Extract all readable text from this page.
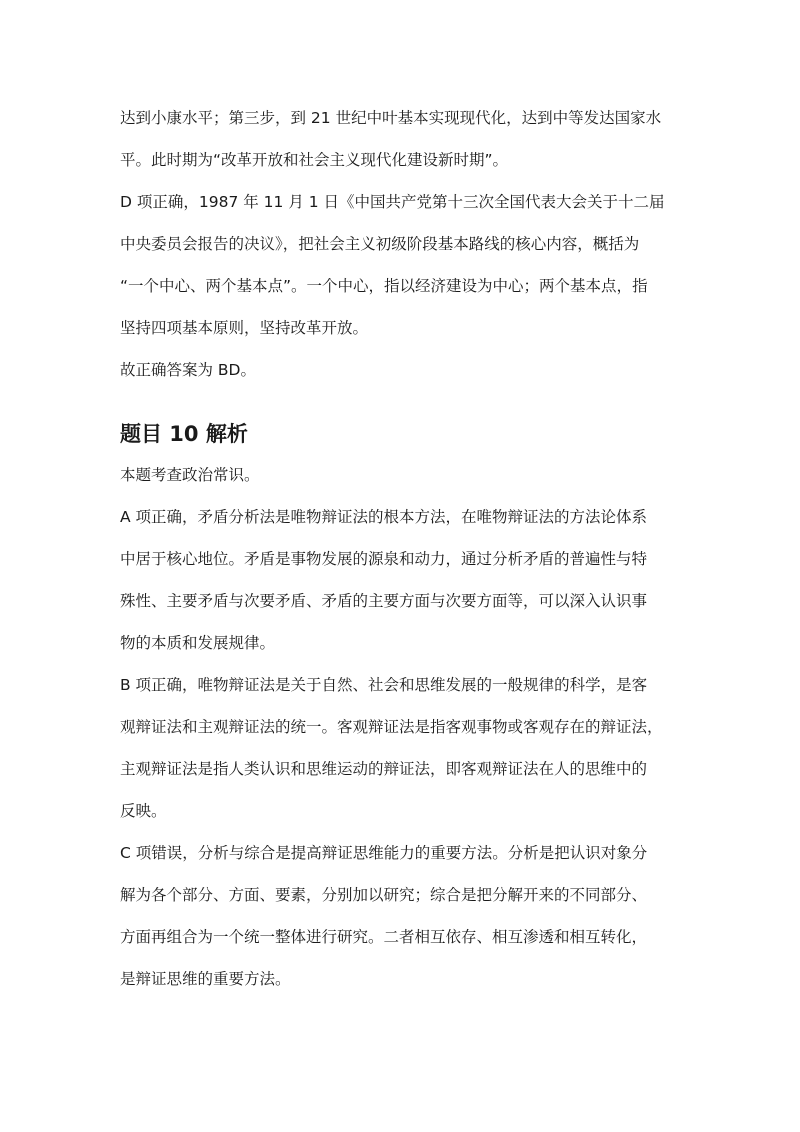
达到小康水平；第三步，到 21 世纪中叶基本实现现代化，达到中等发达国家水
平。此时期为“改革开放和社会主义现代化建设新时期”。
D 项正确，1987 年 11 月 1 日《中国共产党第十三次全国代表大会关于十二届
中央委员会报告的决议》，把社会主义初级阶段基本路线的核心内容，概括为
“一个中心、两个基本点”。一个中心，指以经济建设为中心；两个基本点，指
坚持四项基本原则，坚持改革开放。
故正确答案为 BD。
题目 10 解析
本题考查政治常识。
A 项正确，矛盾分析法是唯物辩证法的根本方法，在唯物辩证法的方法论体系
中居于核心地位。矛盾是事物发展的源泉和动力，通过分析矛盾的普遍性与特
殊性、主要矛盾与次要矛盾、矛盾的主要方面与次要方面等，可以深入认识事
物的本质和发展规律。
B 项正确，唯物辩证法是关于自然、社会和思维发展的一般规律的科学，是客
观辩证法和主观辩证法的统一。客观辩证法是指客观事物或客观存在的辩证法，
主观辩证法是指人类认识和思维运动的辩证法，即客观辩证法在人的思维中的
反映。
C 项错误，分析与综合是提高辩证思维能力的重要方法。分析是把认识对象分
解为各个部分、方面、要素，分别加以研究；综合是把分解开来的不同部分、
方面再组合为一个统一整体进行研究。二者相互依存、相互渗透和相互转化，
是辩证思维的重要方法。
